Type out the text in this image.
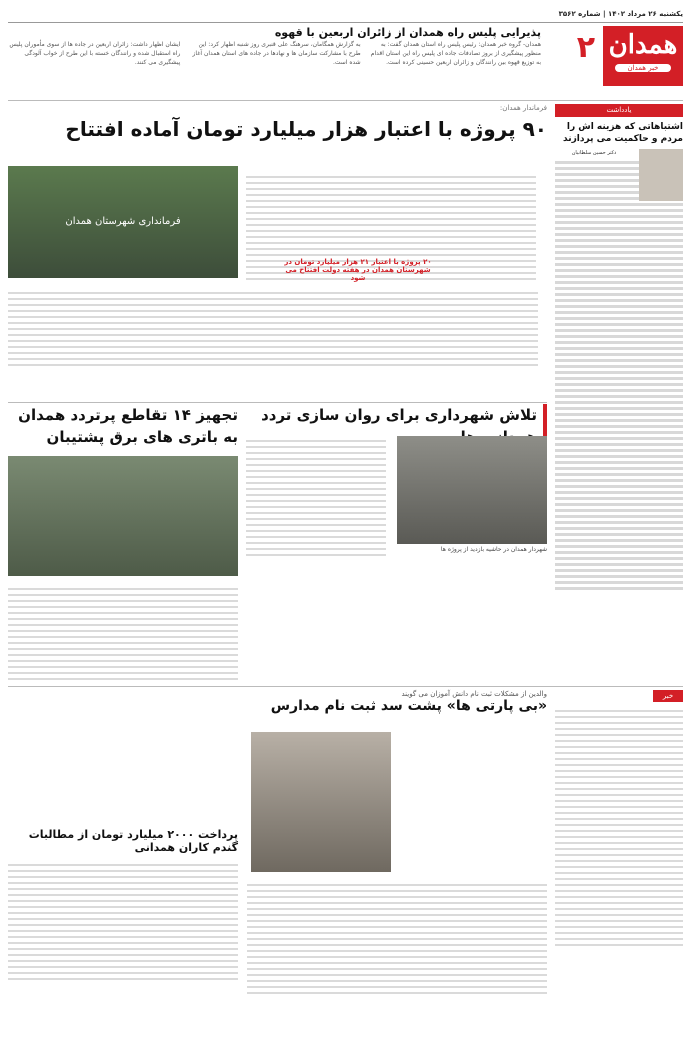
یکشنبه ۲۶ مرداد ۱۴۰۲ | شماره ۳۵۶۲
همدان
خبر همدان
۲
پذیرایی پلیس راه همدان از زائران اربعین با قهوه
همدان- گروه خبر همدان: رئیس پلیس راه استان همدان گفت: به منظور پیشگیری از بروز تصادفات جاده ای پلیس راه این استان اقدام به توزیع قهوه بین رانندگان و زائران اربعین حسینی کرده است.
به گزارش همگامان، سرهنگ علی قنبری روز شنبه اظهار کرد: این طرح با مشارکت سازمان ها و نهادها در جاده های استان همدان آغاز شده است.
ایشان اظهار داشت: زائران اربعین در جاده ها از سوی مأموران پلیس راه استقبال شده و رانندگان خسته با این طرح از خواب آلودگی پیشگیری می کنند.
یادداشت
اشتباهاتی که هزینه اش را مردم و حاکمیت می پردازند
دکتر حسین سلطانیان
فرماندار همدان:
۹۰ پروژه با اعتبار هزار میلیارد تومان آماده افتتاح
فرمانداری شهرستان همدان
۲۰ پروژه با اعتبار ۲۱ هزار میلیارد تومان در شهرستان همدان در هفته دولت افتتاح می شود
تجهیز ۱۴ تقاطع پرتردد همدان به باتری های برق پشتیبان
تلاش شهرداری برای روان سازی تردد
شهردار همدان در حاشیه بازدید از پروژه ها
والدین از مشکلات ثبت نام دانش آموزان می گویند
«بی پارتی ها» پشت سد ثبت نام مدارس
پرداخت ۲۰۰۰ میلیارد تومان از مطالبات گندم کاران همدانی
خبر
